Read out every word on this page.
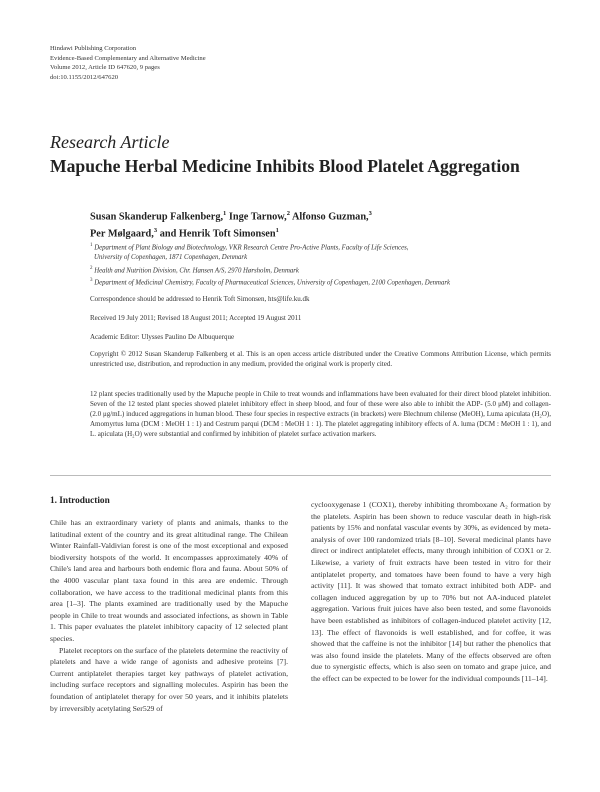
Hindawi Publishing Corporation
Evidence-Based Complementary and Alternative Medicine
Volume 2012, Article ID 647620, 9 pages
doi:10.1155/2012/647620
Research Article
Mapuche Herbal Medicine Inhibits Blood Platelet Aggregation
Susan Skanderup Falkenberg,$^1$ Inge Tarnow,$^2$ Alfonso Guzman,$^3$
Per Mølgaard,$^3$ and Henrik Toft Simonsen$^1$
$^1$ Department of Plant Biology and Biotechnology, VKR Research Centre Pro-Active Plants, Faculty of Life Sciences,
University of Copenhagen, 1871 Copenhagen, Denmark
$^2$ Health and Nutrition Division, Chr. Hansen A/S, 2970 Hørsholm, Denmark
$^3$ Department of Medicinal Chemistry, Faculty of Pharmaceutical Sciences, University of Copenhagen, 2100 Copenhagen, Denmark
Correspondence should be addressed to Henrik Toft Simonsen, hts@life.ku.dk
Received 19 July 2011; Revised 18 August 2011; Accepted 19 August 2011
Academic Editor: Ulysses Paulino De Albuquerque
Copyright © 2012 Susan Skanderup Falkenberg et al. This is an open access article distributed under the Creative Commons Attribution License, which permits unrestricted use, distribution, and reproduction in any medium, provided the original work is properly cited.
12 plant species traditionally used by the Mapuche people in Chile to treat wounds and inflammations have been evaluated for their direct blood platelet inhibition. Seven of the 12 tested plant species showed platelet inhibitory effect in sheep blood, and four of these were also able to inhibit the ADP- (5.0 μM) and collagen- (2.0 μg/mL) induced aggregations in human blood. These four species in respective extracts (in brackets) were Blechnum chilense (MeOH), Luma apiculata (H₂O), Amomyrtus luma (DCM : MeOH 1 : 1) and Cestrum parqui (DCM : MeOH 1 : 1). The platelet aggregating inhibitory effects of A. luma (DCM : MeOH 1 : 1), and L. apiculata (H₂O) were substantial and confirmed by inhibition of platelet surface activation markers.
1. Introduction

Chile has an extraordinary variety of plants and animals, thanks to the latitudinal extent of the country and its great altitudinal range. The Chilean Winter Rainfall-Valdivian forest is one of the most exceptional and exposed biodiversity hotspots of the world. It encompasses approximately 40% of Chile's land area and harbours both endemic flora and fauna. About 50% of the 4000 vascular plant taxa found in this area are endemic. Through collaboration, we have access to the traditional medicinal plants from this area [1–3]. The plants examined are traditionally used by the Mapuche people in Chile to treat wounds and associated infections, as shown in Table 1. This paper evaluates the platelet inhibitory capacity of 12 selected plant species.

Platelet receptors on the surface of the platelets determine the reactivity of platelets and have a wide range of agonists and adhesive proteins [7]. Current antiplatelet therapies target key pathways of platelet activation, including surface receptors and signalling molecules. Aspirin has been the foundation of antiplatelet therapy for over 50 years, and it inhibits platelets by irreversibly acetylating Ser529 of

cyclooxygenase 1 (COX1), thereby inhibiting thromboxane A₂ formation by the platelets. Aspirin has been shown to reduce vascular death in high-risk patients by 15% and nonfatal vascular events by 30%, as evidenced by meta-analysis of over 100 randomized trials [8–10]. Several medicinal plants have direct or indirect antiplatelet effects, many through inhibition of COX1 or 2. Likewise, a variety of fruit extracts have been tested in vitro for their antiplatelet property, and tomatoes have been found to have a very high activity [11]. It was showed that tomato extract inhibited both ADP- and collagen induced aggregation by up to 70% but not AA-induced platelet aggregation. Various fruit juices have also been tested, and some flavonoids have been established as inhibitors of collagen-induced platelet activity [12, 13]. The effect of flavonoids is well established, and for coffee, it was showed that the caffeine is not the inhibitor [14] but rather the phenolics that was also found inside the platelets. Many of the effects observed are often due to synergistic effects, which is also seen on tomato and grape juice, and the effect can be expected to be lower for the individual compounds [11–14].
